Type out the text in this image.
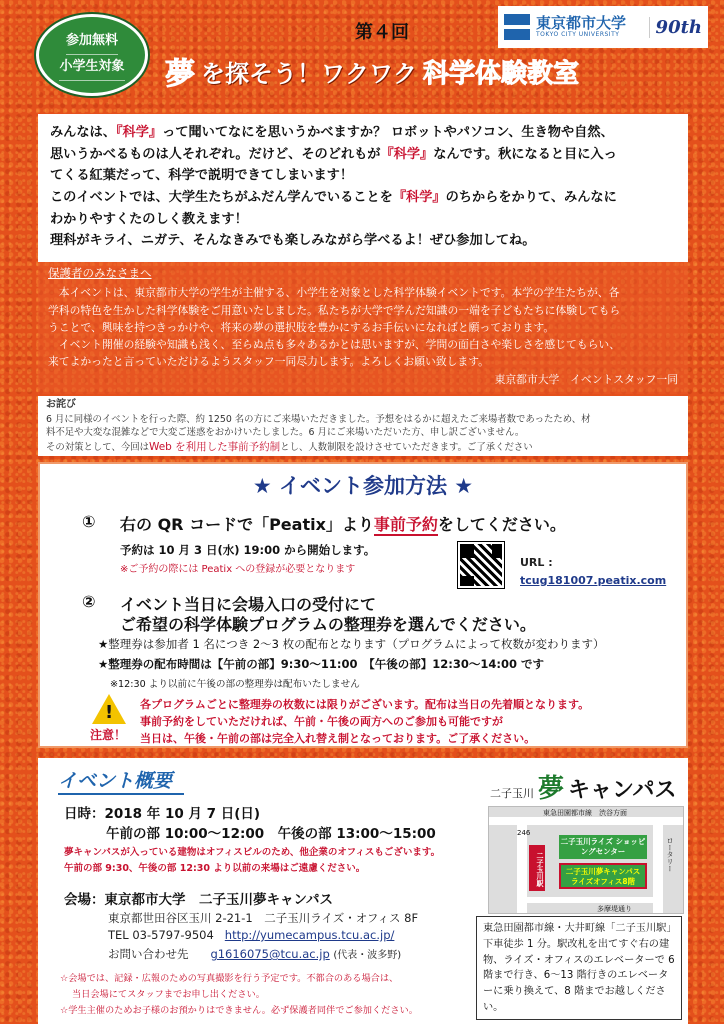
参加無料
小学生対象
第４回
夢 を探そう！ワクワク 科学体験教室
東京都市大学
TOKYO CITY UNIVERSITY	90th
みんなは、『科学』って聞いてなにを思いうかべますか？ ロボットやパソコン、生き物や自然、
思いうかべるものは人それぞれ。だけど、そのどれもが『科学』なんです。秋になると目に入っ
てくる紅葉だって、科学で説明できてしまいます！
このイベントでは、大学生たちがふだん学んでいることを『科学』のちからをかりて、みんなに
わかりやすくたのしく教えます！
理科がキライ、ニガテ、そんなきみでも楽しみながら学べるよ！ぜひ参加してね。
保護者のみなさまへ
本イベントは、東京都市大学の学生が主催する、小学生を対象とした科学体験イベントです。本学の学生たちが、各
学科の特色を生かした科学体験をご用意いたしました。私たちが大学で学んだ知識の一端を子どもたちに体験してもら
うことで、興味を持つきっかけや、将来の夢の選択肢を豊かにするお手伝いになればと願っております。
イベント開催の経験や知識も浅く、至らぬ点も多々あるかとは思いますが、学問の面白さや楽しさを感じてもらい、
来てよかったと言っていただけるようスタッフ一同尽力します。よろしくお願い致します。
東京都市大学　イベントスタッフ一同
お詫び
6 月に同様のイベントを行った際、約 1250 名の方にご来場いただきました。予想をはるかに超えたご来場者数であったため、材
料不足や大変な混雑などで大変ご迷惑をおかけいたしました。6 月にご来場いただいた方、申し訳ございません。
その対策として、今回はWeb を利用した事前予約制とし、人数制限を設けさせていただきます。ご了承ください
★ イベント参加方法 ★
① 右の QR コードで「Peatix」より事前予約をしてください。
予約は 10 月 3 日(水) 19:00 から開始します。
※ご予約の際には Peatix への登録が必要となります
URL :
tcug181007.peatix.com
② イベント当日に会場入口の受付にて
ご希望の科学体験プログラムの整理券を選んでください。
★整理券は参加者 1 名につき 2～3 枚の配布となります（プログラムによって枚数が変わります）
★整理券の配布時間は【午前の部】9:30～11:00　【午後の部】12:30～14:00 です
※12:30 より以前に午後の部の整理券は配布いたしません
!
注意！
各プログラムごとに整理券の枚数には限りがございます。配布は当日の先着順となります。
事前予約をしていただければ、午前・午後の両方へのご参加も可能ですが
当日は、午後・午前の部は完全入れ替え制となっております。ご了承ください。
イベント概要
日時：2018 年 10 月 7 日(日)
午前の部 10:00～12:00　午後の部 13:00～15:00
夢キャンパスが入っている建物はオフィスビルのため、他企業のオフィスもございます。
午前の部 9:30、午後の部 12:30 より以前の来場はご遠慮ください。
会場：東京都市大学　二子玉川夢キャンパス
東京都世田谷区玉川 2-21-1　二子玉川ライズ・オフィス 8F
TEL 03-5797-9504 http://yumecampus.tcu.ac.jp/
お問い合わせ先 g1616075@tcu.ac.jp (代表・波多野)
☆会場では、記録・広報のための写真撮影を行う予定です。不都合のある場合は、
当日会場にてスタッフまでお申し出ください。
☆学生主催のためお子様のお預かりはできません。必ず保護者同伴でご参加ください。
二子玉川 夢 キャンパス
東急田園都市線　渋谷方面
246
二子玉川駅
二子玉川ライズ ショッピングセンター
二子玉川夢キャンパス ライズオフィス8階
ロータリー
多摩堤通り
東急田園都市線・大井町線「二子玉川駅」下車徒歩 1 分。駅改札を出てすぐ右の建物、ライズ・オフィスのエレベーターで 6 階まで行き、6～13 階行きのエレベーターに乗り換えて、8 階までお越しください。
